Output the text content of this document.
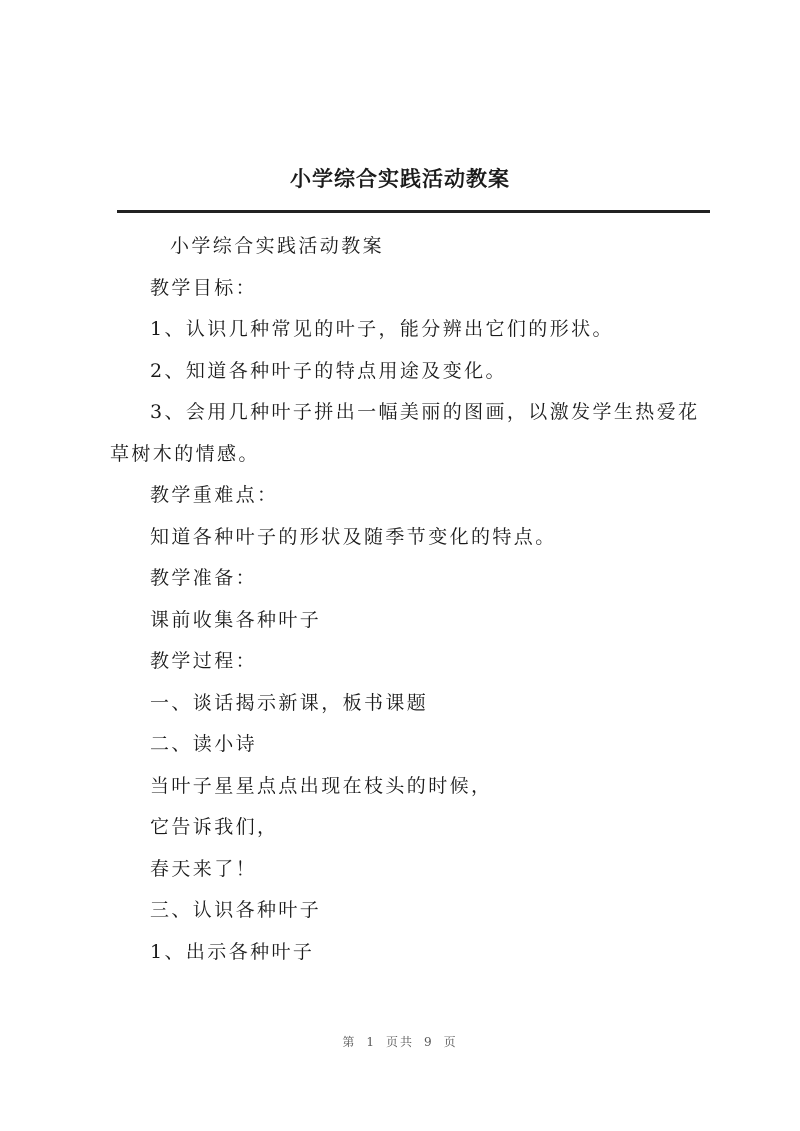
小学综合实践活动教案

小学综合实践活动教案

教学目标：

1、认识几种常见的叶子，能分辨出它们的形状。

2、知道各种叶子的特点用途及变化。

3、会用几种叶子拼出一幅美丽的图画，以激发学生热爱花草树木的情感。

教学重难点：

知道各种叶子的形状及随季节变化的特点。

教学准备：

课前收集各种叶子

教学过程：

一、谈话揭示新课，板书课题

二、读小诗

当叶子星星点点出现在枝头的时候，

它告诉我们，

春天来了！

三、认识各种叶子

1、出示各种叶子

第 1 页共 9 页
